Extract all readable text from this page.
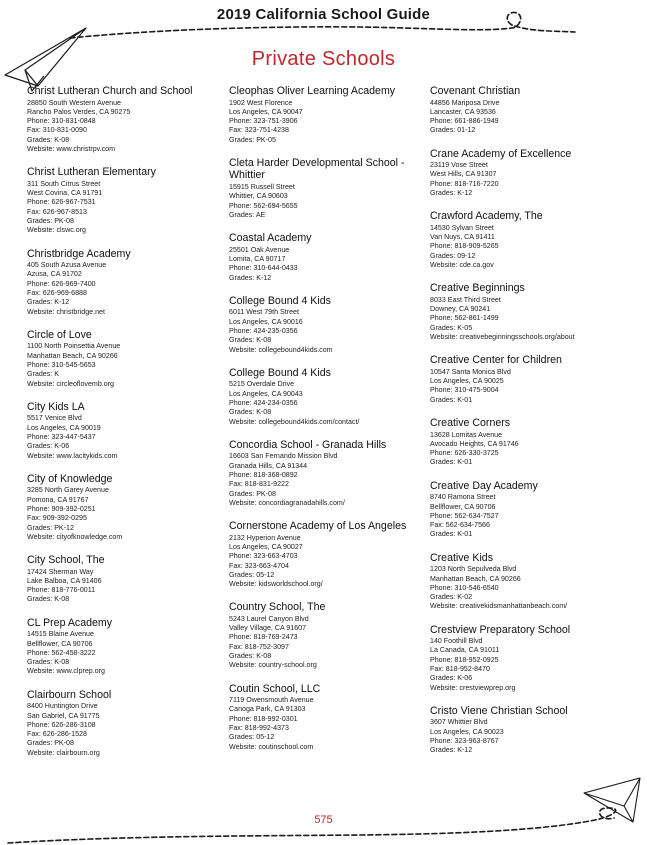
2019 California School Guide
Private Schools
Christ Lutheran Church and School
28850 South Western Avenue
Rancho Palos Verdes, CA 90275
Phone: 310-831-0848
Fax: 310-831-0090
Grades: K-08
Website: www.christrpv.com
Christ Lutheran Elementary
311 South Citrus Street
West Covina, CA 91791
Phone: 626-967-7531
Fax: 626-967-8513
Grades: PK-08
Website: clswc.org
Christbridge Academy
405 South Azusa Avenue
Azusa, CA 91702
Phone: 626-969-7400
Fax: 626-969-6888
Grades: K-12
Website: christbridge.net
Circle of Love
1100 North Poinsettia Avenue
Manhattan Beach, CA 90266
Phone: 310-545-5653
Grades: K
Website: circleoflovemb.org
City Kids LA
5517 Venice Blvd
Los Angeles, CA 90019
Phone: 323-447-5437
Grades: K-06
Website: www.lacitykids.com
City of Knowledge
3285 North Garey Avenue
Pomona, CA 91767
Phone: 909-392-0251
Fax: 909-392-0295
Grades: PK-12
Website: cityofknowledge.com
City School, The
17424 Sherman Way
Lake Balboa, CA 91406
Phone: 818-776-0011
Grades: K-08
CL Prep Academy
14515 Blaine Avenue
Bellflower, CA 90706
Phone: 562-458-3222
Grades: K-08
Website: www.clprep.org
Clairbourn School
8400 Huntington Drive
San Gabriel, CA 91775
Phone: 626-286-3108
Fax: 626-286-1528
Grades: PK-08
Website: clairbourn.org
Cleophas Oliver Learning Academy
1902 West Florence
Los Angeles, CA 90047
Phone: 323-751-3906
Fax: 323-751-4238
Grades: PK-05
Cleta Harder Developmental School - Whittier
15915 Russell Street
Whittier, CA 90603
Phone: 562-694-5655
Grades: AE
Coastal Academy
25501 Oak Avenue
Lomita, CA 90717
Phone: 310-644-0433
Grades: K-12
College Bound 4 Kids
6011 West 79th Street
Los Angeles, CA 90016
Phone: 424-235-0356
Grades: K-08
Website: collegebound4kids.com
College Bound 4 Kids
5215 Overdale Drive
Los Angeles, CA 90043
Phone: 424-234-0356
Grades: K-08
Website: collegebound4kids.com/contact/
Concordia School - Granada Hills
16603 San Fernando Mission Blvd
Granada Hills, CA 91344
Phone: 818-368-0892
Fax: 818-831-9222
Grades: PK-08
Website: concordiagranadahills.com/
Cornerstone Academy of Los Angeles
2132 Hyperion Avenue
Los Angeles, CA 90027
Phone: 323-663-4703
Fax: 323-663-4704
Grades: 05-12
Website: kidsworldschool.org/
Country School, The
5243 Laurel Canyon Blvd
Valley Village, CA 91607
Phone: 818-769-2473
Fax: 818-752-3097
Grades: K-08
Website: country-school.org
Coutin School, LLC
7119 Owensmouth Avenue
Canoga Park, CA 91303
Phone: 818-992-0301
Fax: 818-992-4373
Grades: 05-12
Website: coutinschool.com
Covenant Christian
44856 Mariposa Drive
Lancaster, CA 93536
Phone: 661-886-1949
Grades: 01-12
Crane Academy of Excellence
23119 Vose Street
West Hills, CA 91307
Phone: 818-716-7220
Grades: K-12
Crawford Academy, The
14530 Sylvan Street
Van Nuys, CA 91411
Phone: 818-909-5265
Grades: 09-12
Website: cde.ca.gov
Creative Beginnings
8033 East Third Street
Downey, CA 90241
Phone: 562-861-1499
Grades: K-05
Website: creativebeginningsschools.org/about
Creative Center for Children
10547 Santa Monica Blvd
Los Angeles, CA 90025
Phone: 310-475-9004
Grades: K-01
Creative Corners
13628 Lomitas Avenue
Avocado Heights, CA 91746
Phone: 626-330-3725
Grades: K-01
Creative Day Academy
8740 Ramona Street
Bellflower, CA 90706
Phone: 562-634-7527
Fax: 562-634-7566
Grades: K-01
Creative Kids
1203 North Sepulveda Blvd
Manhattan Beach, CA 90266
Phone: 310-546-6540
Grades: K-02
Website: creativekidsmanhattanbeach.com/
Crestview Preparatory School
140 Foothill Blvd
La Canada, CA 91011
Phone: 818-952-0925
Fax: 818-952-8470
Grades: K-06
Website: crestviewprep.org
Cristo Viene Christian School
3607 Whittier Blvd
Los Angeles, CA 90023
Phone: 323-963-8767
Grades: K-12
575
